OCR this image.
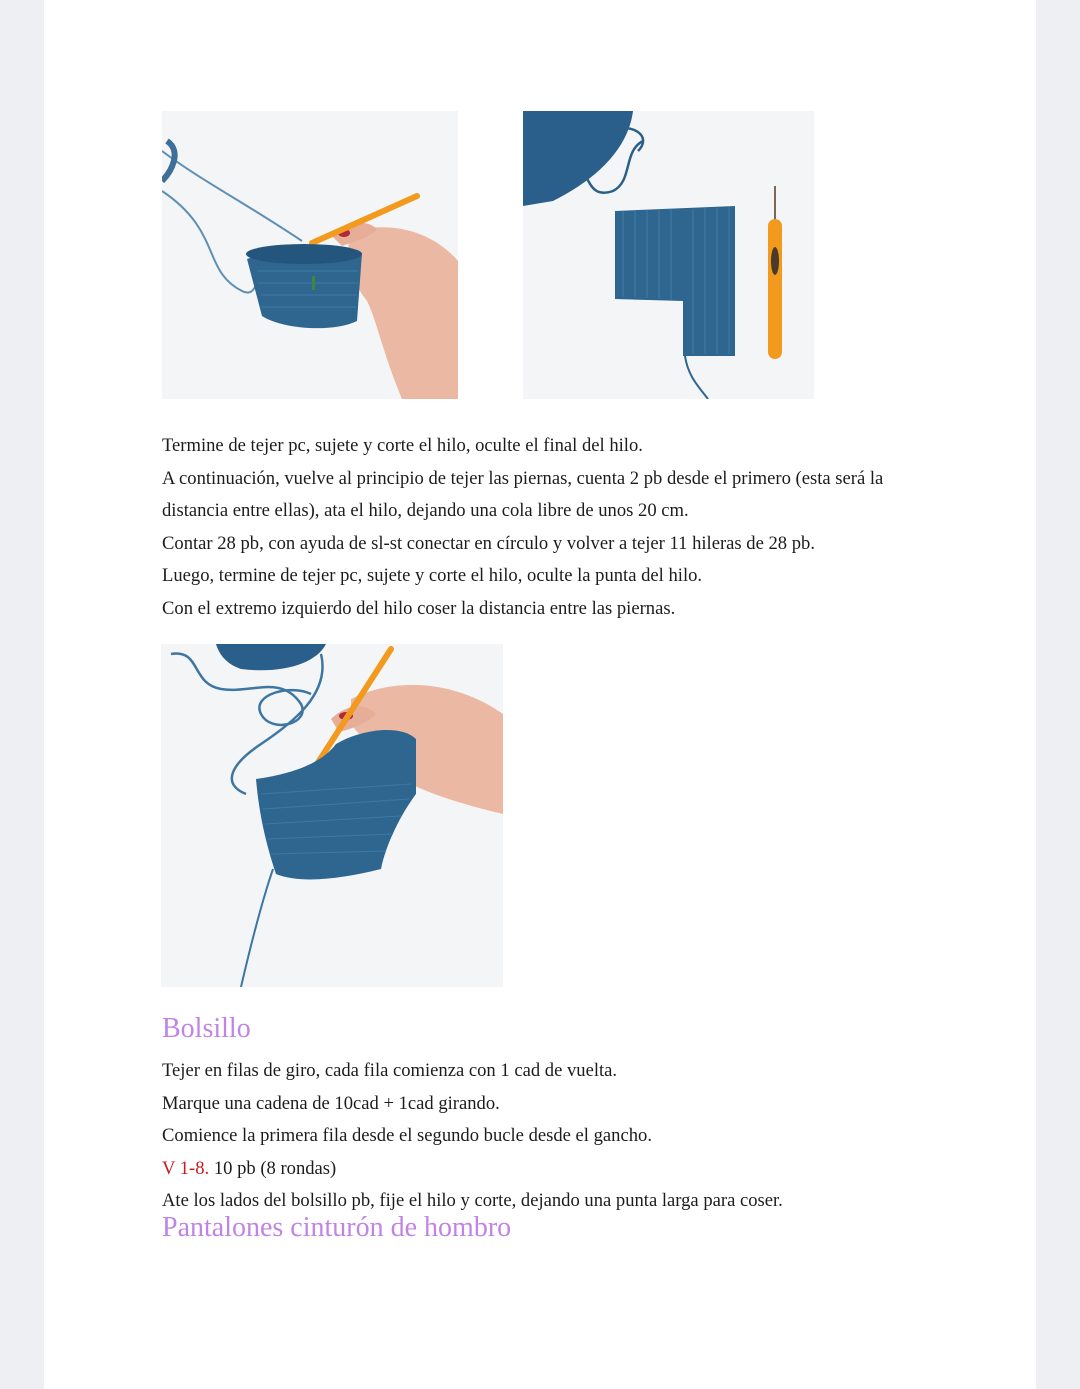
Termine de tejer pc, sujete y corte el hilo, oculte el final del hilo.

A continuación, vuelve al principio de tejer las piernas, cuenta 2 pb desde el primero (esta será la distancia entre ellas), ata el hilo, dejando una cola libre de unos 20 cm.

Contar 28 pb, con ayuda de sl-st conectar en círculo y volver a tejer 11 hileras de 28 pb.

Luego, termine de tejer pc, sujete y corte el hilo, oculte la punta del hilo.

Con el extremo izquierdo del hilo coser la distancia entre las piernas.

Bolsillo

Tejer en filas de giro, cada fila comienza con 1 cad de vuelta.

Marque una cadena de 10cad + 1cad girando.

Comience la primera fila desde el segundo bucle desde el gancho.

V 1-8. 10 pb (8 rondas)

Ate los lados del bolsillo pb, fije el hilo y corte, dejando una punta larga para coser.

Pantalones cinturón de hombro
